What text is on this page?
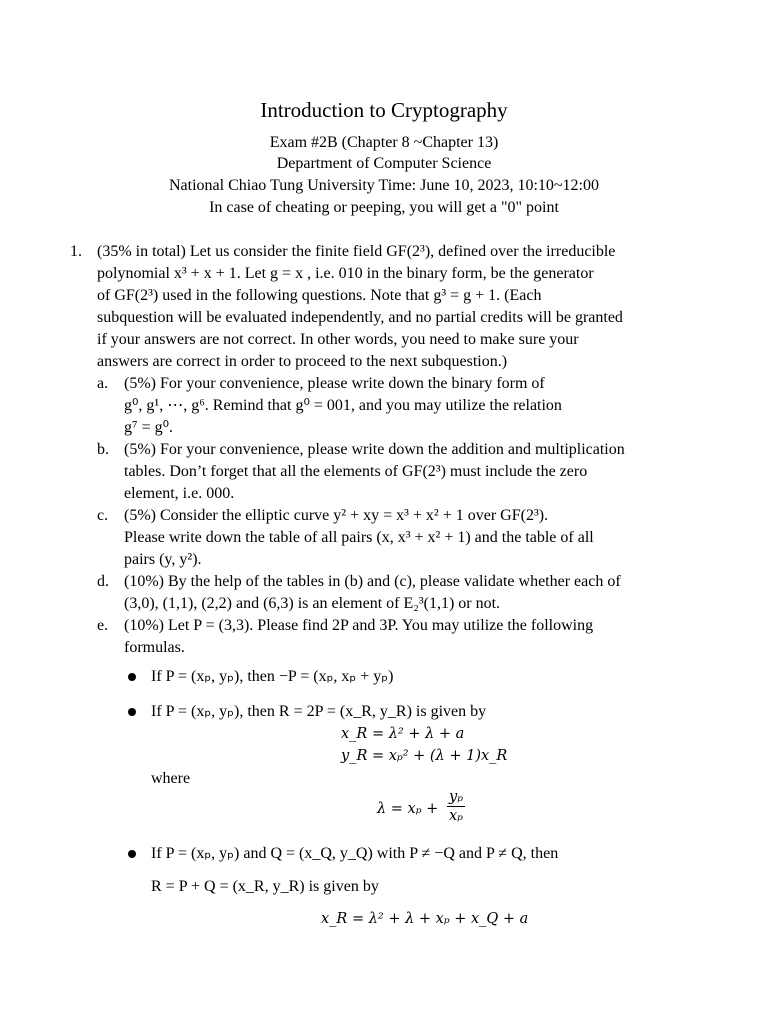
Introduction to Cryptography
Exam #2B (Chapter 8 ~Chapter 13)
Department of Computer Science
National Chiao Tung University Time: June 10, 2023, 10:10~12:00
In case of cheating or peeping, you will get a "0" point
1. (35% in total) Let us consider the finite field GF(2³), defined over the irreducible
polynomial x³ + x + 1. Let g = x , i.e. 010 in the binary form, be the generator
of GF(2³) used in the following questions. Note that g³ = g + 1. (Each
subquestion will be evaluated independently, and no partial credits will be granted
if your answers are not correct. In other words, you need to make sure your
answers are correct in order to proceed to the next subquestion.)
a. (5%) For your convenience, please write down the binary form of
g⁰, g¹, ⋯, g⁶. Remind that g⁰ = 001, and you may utilize the relation
g⁷ = g⁰.
b. (5%) For your convenience, please write down the addition and multiplication
tables. Don’t forget that all the elements of GF(2³) must include the zero
element, i.e. 000.
c. (5%) Consider the elliptic curve y² + xy = x³ + x² + 1 over GF(2³).
Please write down the table of all pairs (x, x³ + x² + 1) and the table of all
pairs (y, y²).
d. (10%) By the help of the tables in (b) and (c), please validate whether each of
(3,0), (1,1), (2,2) and (6,3) is an element of E₂³(1,1) or not.
e. (10%) Let P = (3,3). Please find 2P and 3P. You may utilize the following
formulas.
If P = (xₚ, yₚ), then −P = (xₚ, xₚ + yₚ)
If P = (xₚ, yₚ), then R = 2P = (x_R, y_R) is given by
x_R = λ² + λ + a
y_R = xₚ² + (λ + 1)x_R
where
$\lambda = x_p + \frac{\text{yₚ}}{\text{xₚ}}$
If P = (xₚ, yₚ) and Q = (x_Q, y_Q) with P ≠ −Q and P ≠ Q, then
R = P + Q = (x_R, y_R) is given by
x_R = λ² + λ + xₚ + x_Q + a
